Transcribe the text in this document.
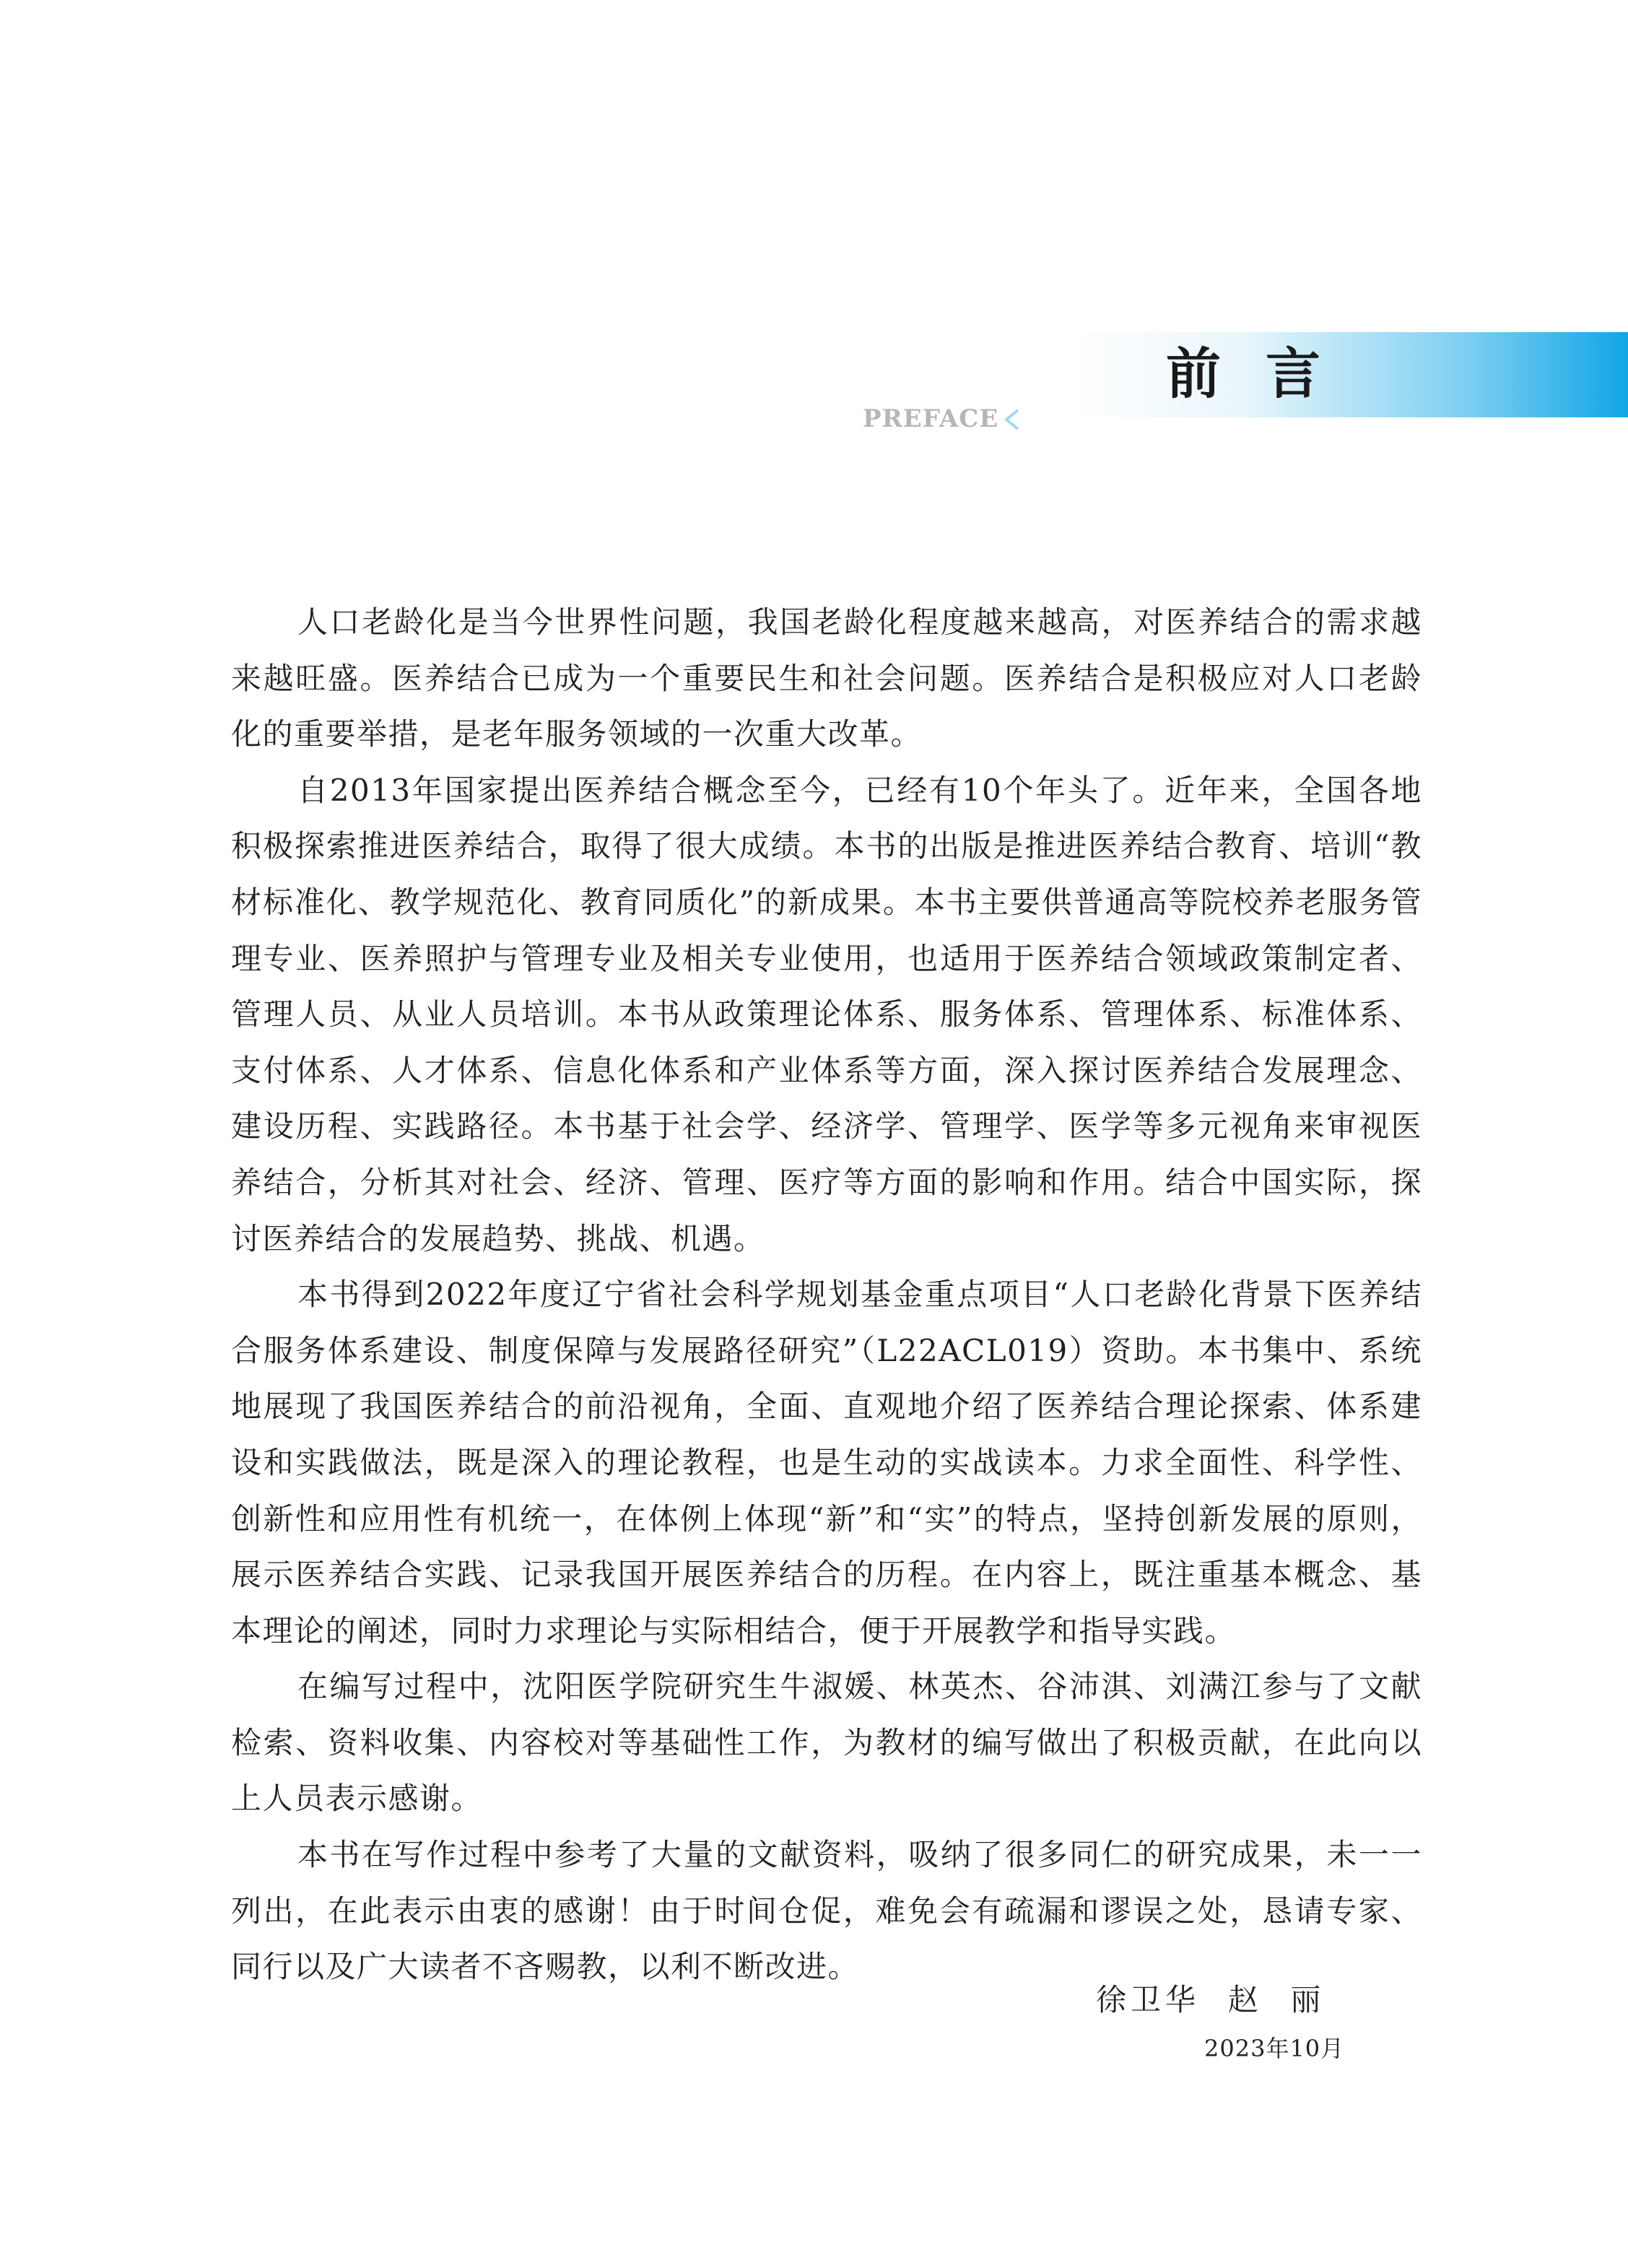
前言
PREFACE

人口老龄化是当今世界性问题，我国老龄化程度越来越高，对医养结合的需求越来越旺盛。医养结合已成为一个重要民生和社会问题。医养结合是积极应对人口老龄化的重要举措，是老年服务领域的一次重大改革。

自2013年国家提出医养结合概念至今，已经有10个年头了。近年来，全国各地积极探索推进医养结合，取得了很大成绩。本书的出版是推进医养结合教育、培训“教材标准化、教学规范化、教育同质化”的新成果。本书主要供普通高等院校养老服务管理专业、医养照护与管理专业及相关专业使用，也适用于医养结合领域政策制定者、管理人员、从业人员培训。本书从政策理论体系、服务体系、管理体系、标准体系、支付体系、人才体系、信息化体系和产业体系等方面，深入探讨医养结合发展理念、建设历程、实践路径。本书基于社会学、经济学、管理学、医学等多元视角来审视医养结合，分析其对社会、经济、管理、医疗等方面的影响和作用。结合中国实际，探讨医养结合的发展趋势、挑战、机遇。

本书得到2022年度辽宁省社会科学规划基金重点项目“人口老龄化背景下医养结合服务体系建设、制度保障与发展路径研究”（L22ACL019）资助。本书集中、系统地展现了我国医养结合的前沿视角，全面、直观地介绍了医养结合理论探索、体系建设和实践做法，既是深入的理论教程，也是生动的实战读本。力求全面性、科学性、创新性和应用性有机统一，在体例上体现“新”和“实”的特点，坚持创新发展的原则，展示医养结合实践、记录我国开展医养结合的历程。在内容上，既注重基本概念、基本理论的阐述，同时力求理论与实际相结合，便于开展教学和指导实践。

在编写过程中，沈阳医学院研究生牛淑媛、林英杰、谷沛淇、刘满江参与了文献检索、资料收集、内容校对等基础性工作，为教材的编写做出了积极贡献，在此向以上人员表示感谢。

本书在写作过程中参考了大量的文献资料，吸纳了很多同仁的研究成果，未一一列出，在此表示由衷的感谢！由于时间仓促，难免会有疏漏和谬误之处，恳请专家、同行以及广大读者不吝赐教，以利不断改进。

徐卫华  赵  丽
2023年10月
